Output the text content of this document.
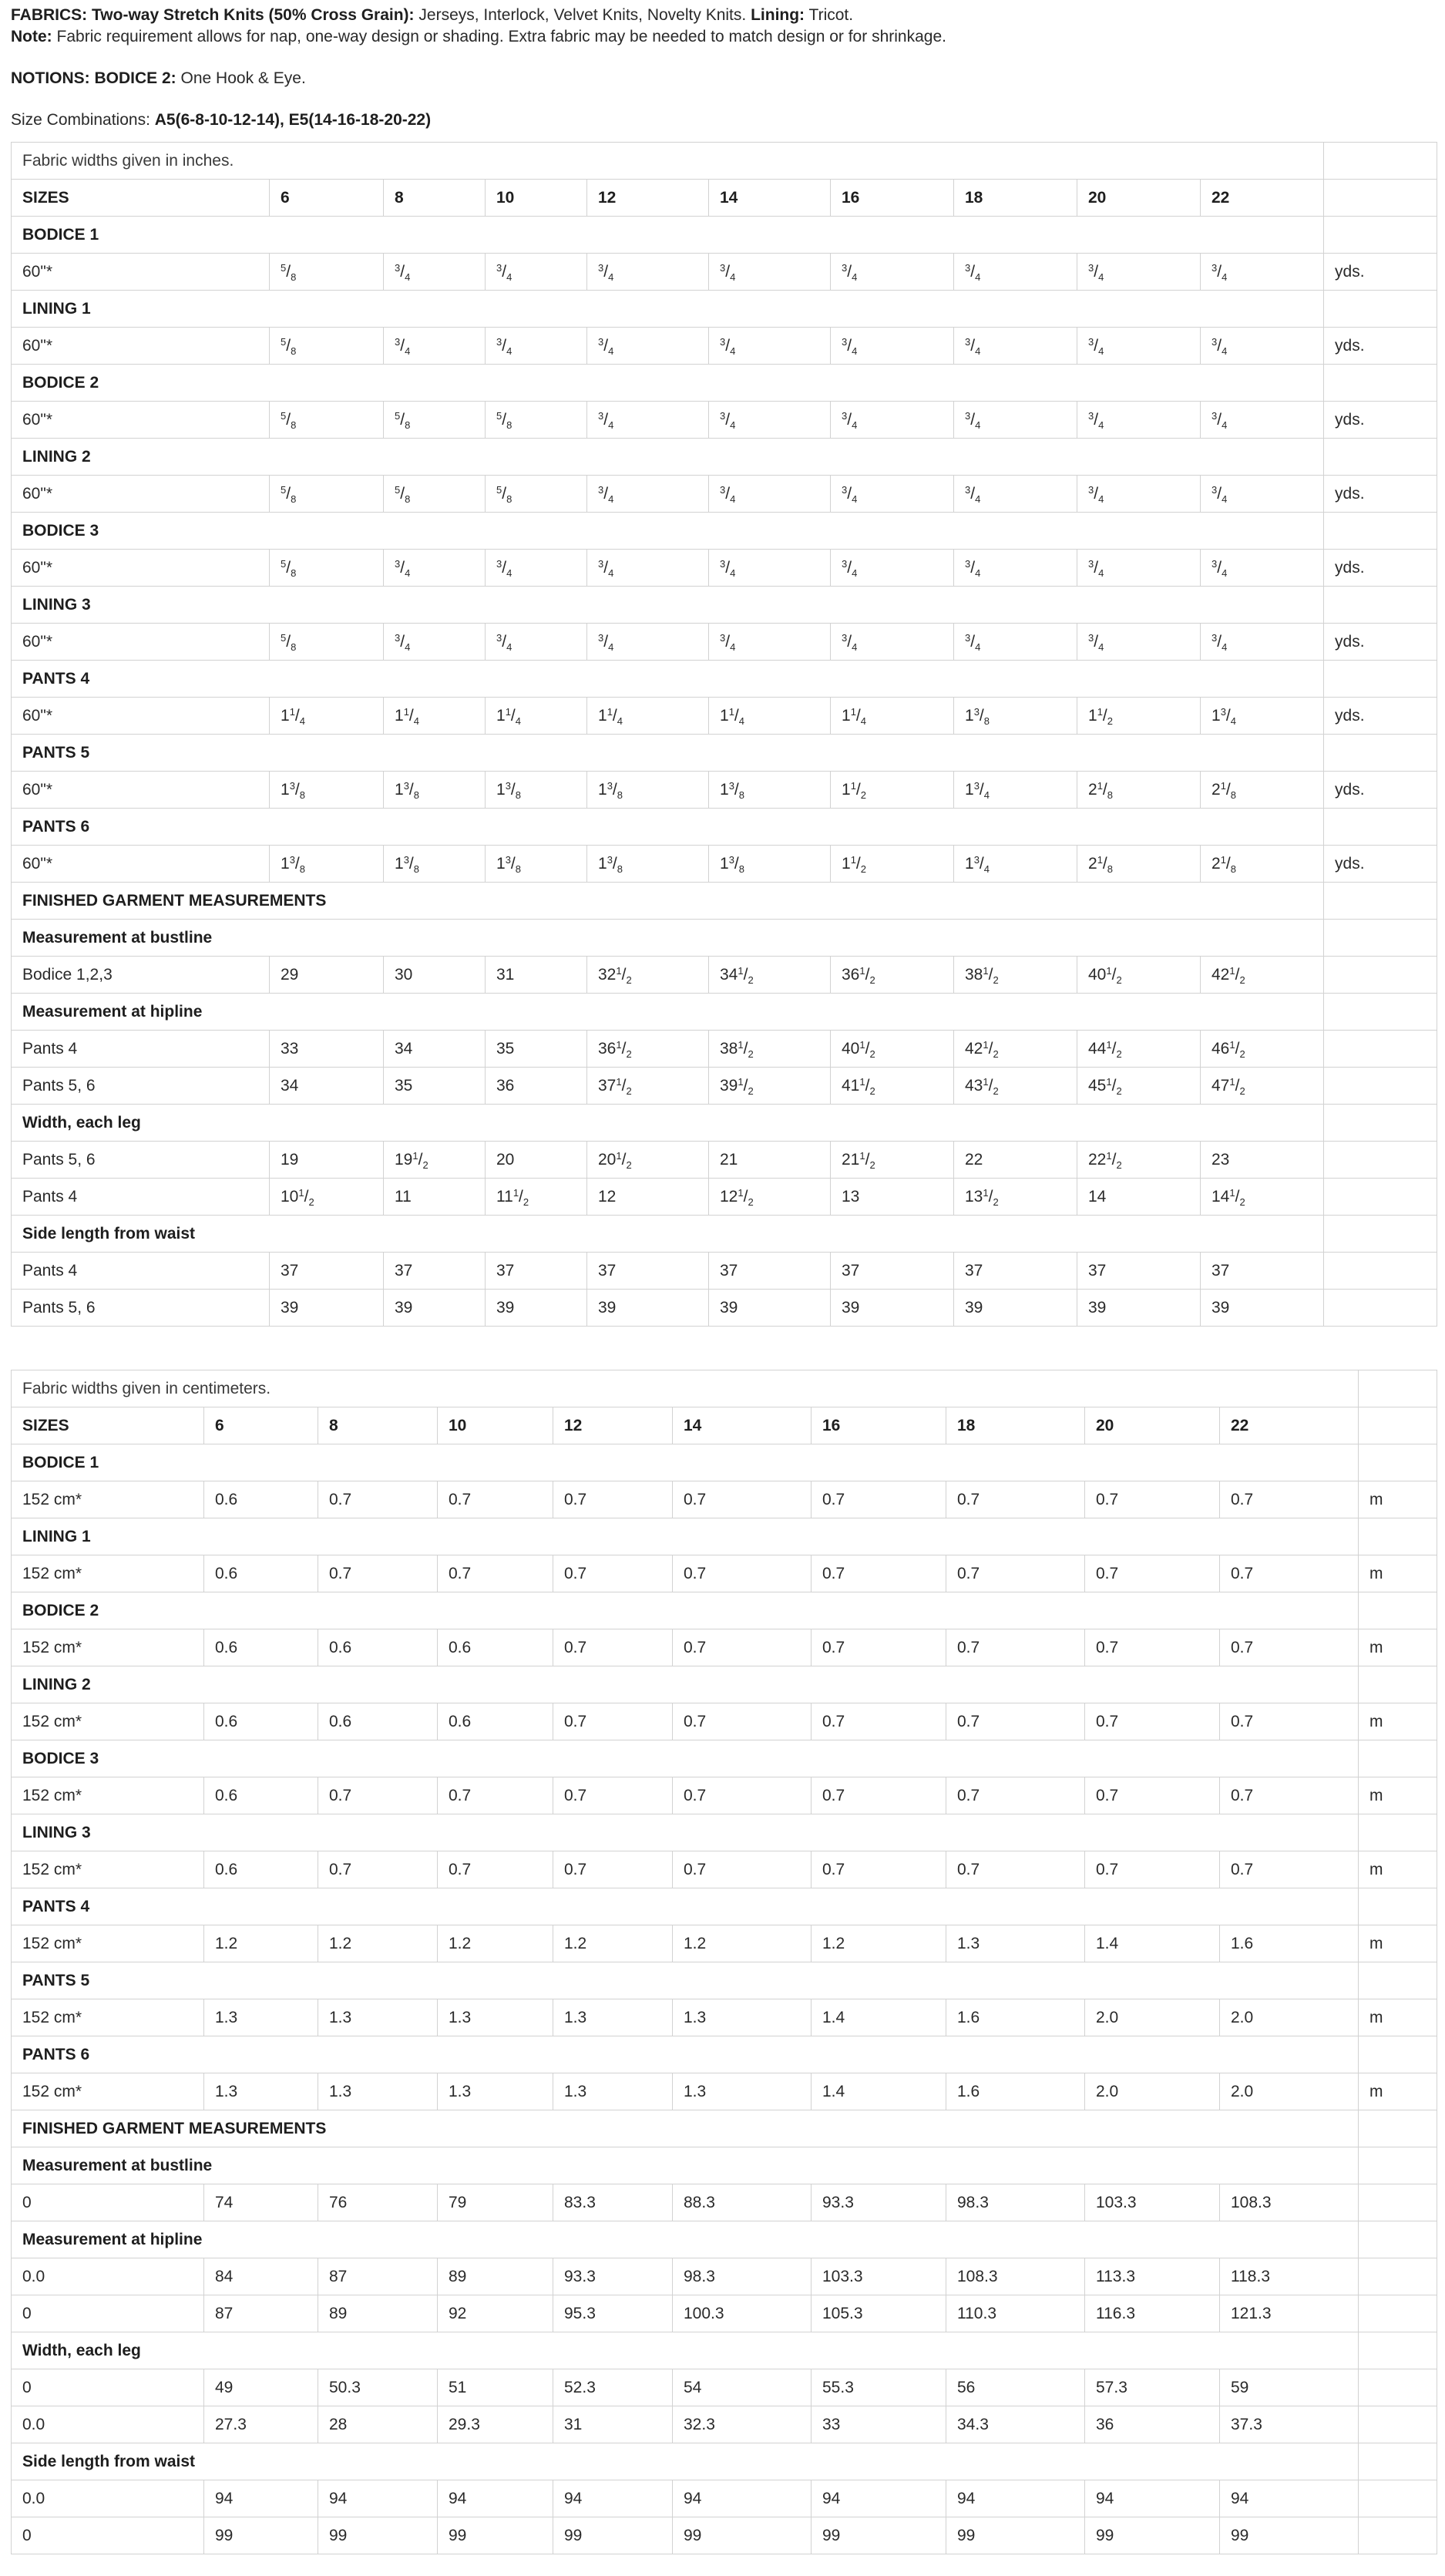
FABRICS: Two-way Stretch Knits (50% Cross Grain): Jerseys, Interlock, Velvet Knits, Novelty Knits. Lining: Tricot.

Note: Fabric requirement allows for nap, one-way design or shading. Extra fabric may be needed to match design or for shrinkage.

NOTIONS: BODICE 2: One Hook & Eye.

Size Combinations: A5(6-8-10-12-14), E5(14-16-18-20-22)

Fabric widths given in inches.										
SIZES	6	8	10	12	14	16	18	20	22	
BODICE 1										
60"*	$^5/_8$	$^3/_4$	$^3/_4$	$^3/_4$	$^3/_4$	$^3/_4$	$^3/_4$	$^3/_4$	$^3/_4$	yds.
LINING 1										
60"*	$^5/_8$	$^3/_4$	$^3/_4$	$^3/_4$	$^3/_4$	$^3/_4$	$^3/_4$	$^3/_4$	$^3/_4$	yds.
BODICE 2										
60"*	$^5/_8$	$^5/_8$	$^5/_8$	$^3/_4$	$^3/_4$	$^3/_4$	$^3/_4$	$^3/_4$	$^3/_4$	yds.
LINING 2										
60"*	$^5/_8$	$^5/_8$	$^5/_8$	$^3/_4$	$^3/_4$	$^3/_4$	$^3/_4$	$^3/_4$	$^3/_4$	yds.
BODICE 3										
60"*	$^5/_8$	$^3/_4$	$^3/_4$	$^3/_4$	$^3/_4$	$^3/_4$	$^3/_4$	$^3/_4$	$^3/_4$	yds.
LINING 3										
60"*	$^5/_8$	$^3/_4$	$^3/_4$	$^3/_4$	$^3/_4$	$^3/_4$	$^3/_4$	$^3/_4$	$^3/_4$	yds.
PANTS 4										
60"*	$1^1/_4$	$1^1/_4$	$1^1/_4$	$1^1/_4$	$1^1/_4$	$1^1/_4$	$1^3/_8$	$1^1/_2$	$1^3/_4$	yds.
PANTS 5										
60"*	$1^3/_8$	$1^3/_8$	$1^3/_8$	$1^3/_8$	$1^3/_8$	$1^1/_2$	$1^3/_4$	$2^1/_8$	$2^1/_8$	yds.
PANTS 6										
60"*	$1^3/_8$	$1^3/_8$	$1^3/_8$	$1^3/_8$	$1^3/_8$	$1^1/_2$	$1^3/_4$	$2^1/_8$	$2^1/_8$	yds.
FINISHED GARMENT MEASUREMENTS										
Measurement at bustline										
Bodice 1,2,3	29	30	31	$32^1/_2$	$34^1/_2$	$36^1/_2$	$38^1/_2$	$40^1/_2$	$42^1/_2$	
Measurement at hipline										
Pants 4	33	34	35	$36^1/_2$	$38^1/_2$	$40^1/_2$	$42^1/_2$	$44^1/_2$	$46^1/_2$	
Pants 5, 6	34	35	36	$37^1/_2$	$39^1/_2$	$41^1/_2$	$43^1/_2$	$45^1/_2$	$47^1/_2$	
Width, each leg										
Pants 5, 6	19	$19^1/_2$	20	$20^1/_2$	21	$21^1/_2$	22	$22^1/_2$	23	
Pants 4	$10^1/_2$	11	$11^1/_2$	12	$12^1/_2$	13	$13^1/_2$	14	$14^1/_2$	
Side length from waist										
Pants 4	37	37	37	37	37	37	37	37	37	
Pants 5, 6	39	39	39	39	39	39	39	39	39	
Fabric widths given in centimeters.										
SIZES	6	8	10	12	14	16	18	20	22	
BODICE 1										
152 cm*	0.6	0.7	0.7	0.7	0.7	0.7	0.7	0.7	0.7	m
LINING 1										
152 cm*	0.6	0.7	0.7	0.7	0.7	0.7	0.7	0.7	0.7	m
BODICE 2										
152 cm*	0.6	0.6	0.6	0.7	0.7	0.7	0.7	0.7	0.7	m
LINING 2										
152 cm*	0.6	0.6	0.6	0.7	0.7	0.7	0.7	0.7	0.7	m
BODICE 3										
152 cm*	0.6	0.7	0.7	0.7	0.7	0.7	0.7	0.7	0.7	m
LINING 3										
152 cm*	0.6	0.7	0.7	0.7	0.7	0.7	0.7	0.7	0.7	m
PANTS 4										
152 cm*	1.2	1.2	1.2	1.2	1.2	1.2	1.3	1.4	1.6	m
PANTS 5										
152 cm*	1.3	1.3	1.3	1.3	1.3	1.4	1.6	2.0	2.0	m
PANTS 6										
152 cm*	1.3	1.3	1.3	1.3	1.3	1.4	1.6	2.0	2.0	m
FINISHED GARMENT MEASUREMENTS										
Measurement at bustline										
0	74	76	79	83.3	88.3	93.3	98.3	103.3	108.3	
Measurement at hipline										
0.0	84	87	89	93.3	98.3	103.3	108.3	113.3	118.3	
0	87	89	92	95.3	100.3	105.3	110.3	116.3	121.3	
Width, each leg										
0	49	50.3	51	52.3	54	55.3	56	57.3	59	
0.0	27.3	28	29.3	31	32.3	33	34.3	36	37.3	
Side length from waist										
0.0	94	94	94	94	94	94	94	94	94	
0	99	99	99	99	99	99	99	99	99	
